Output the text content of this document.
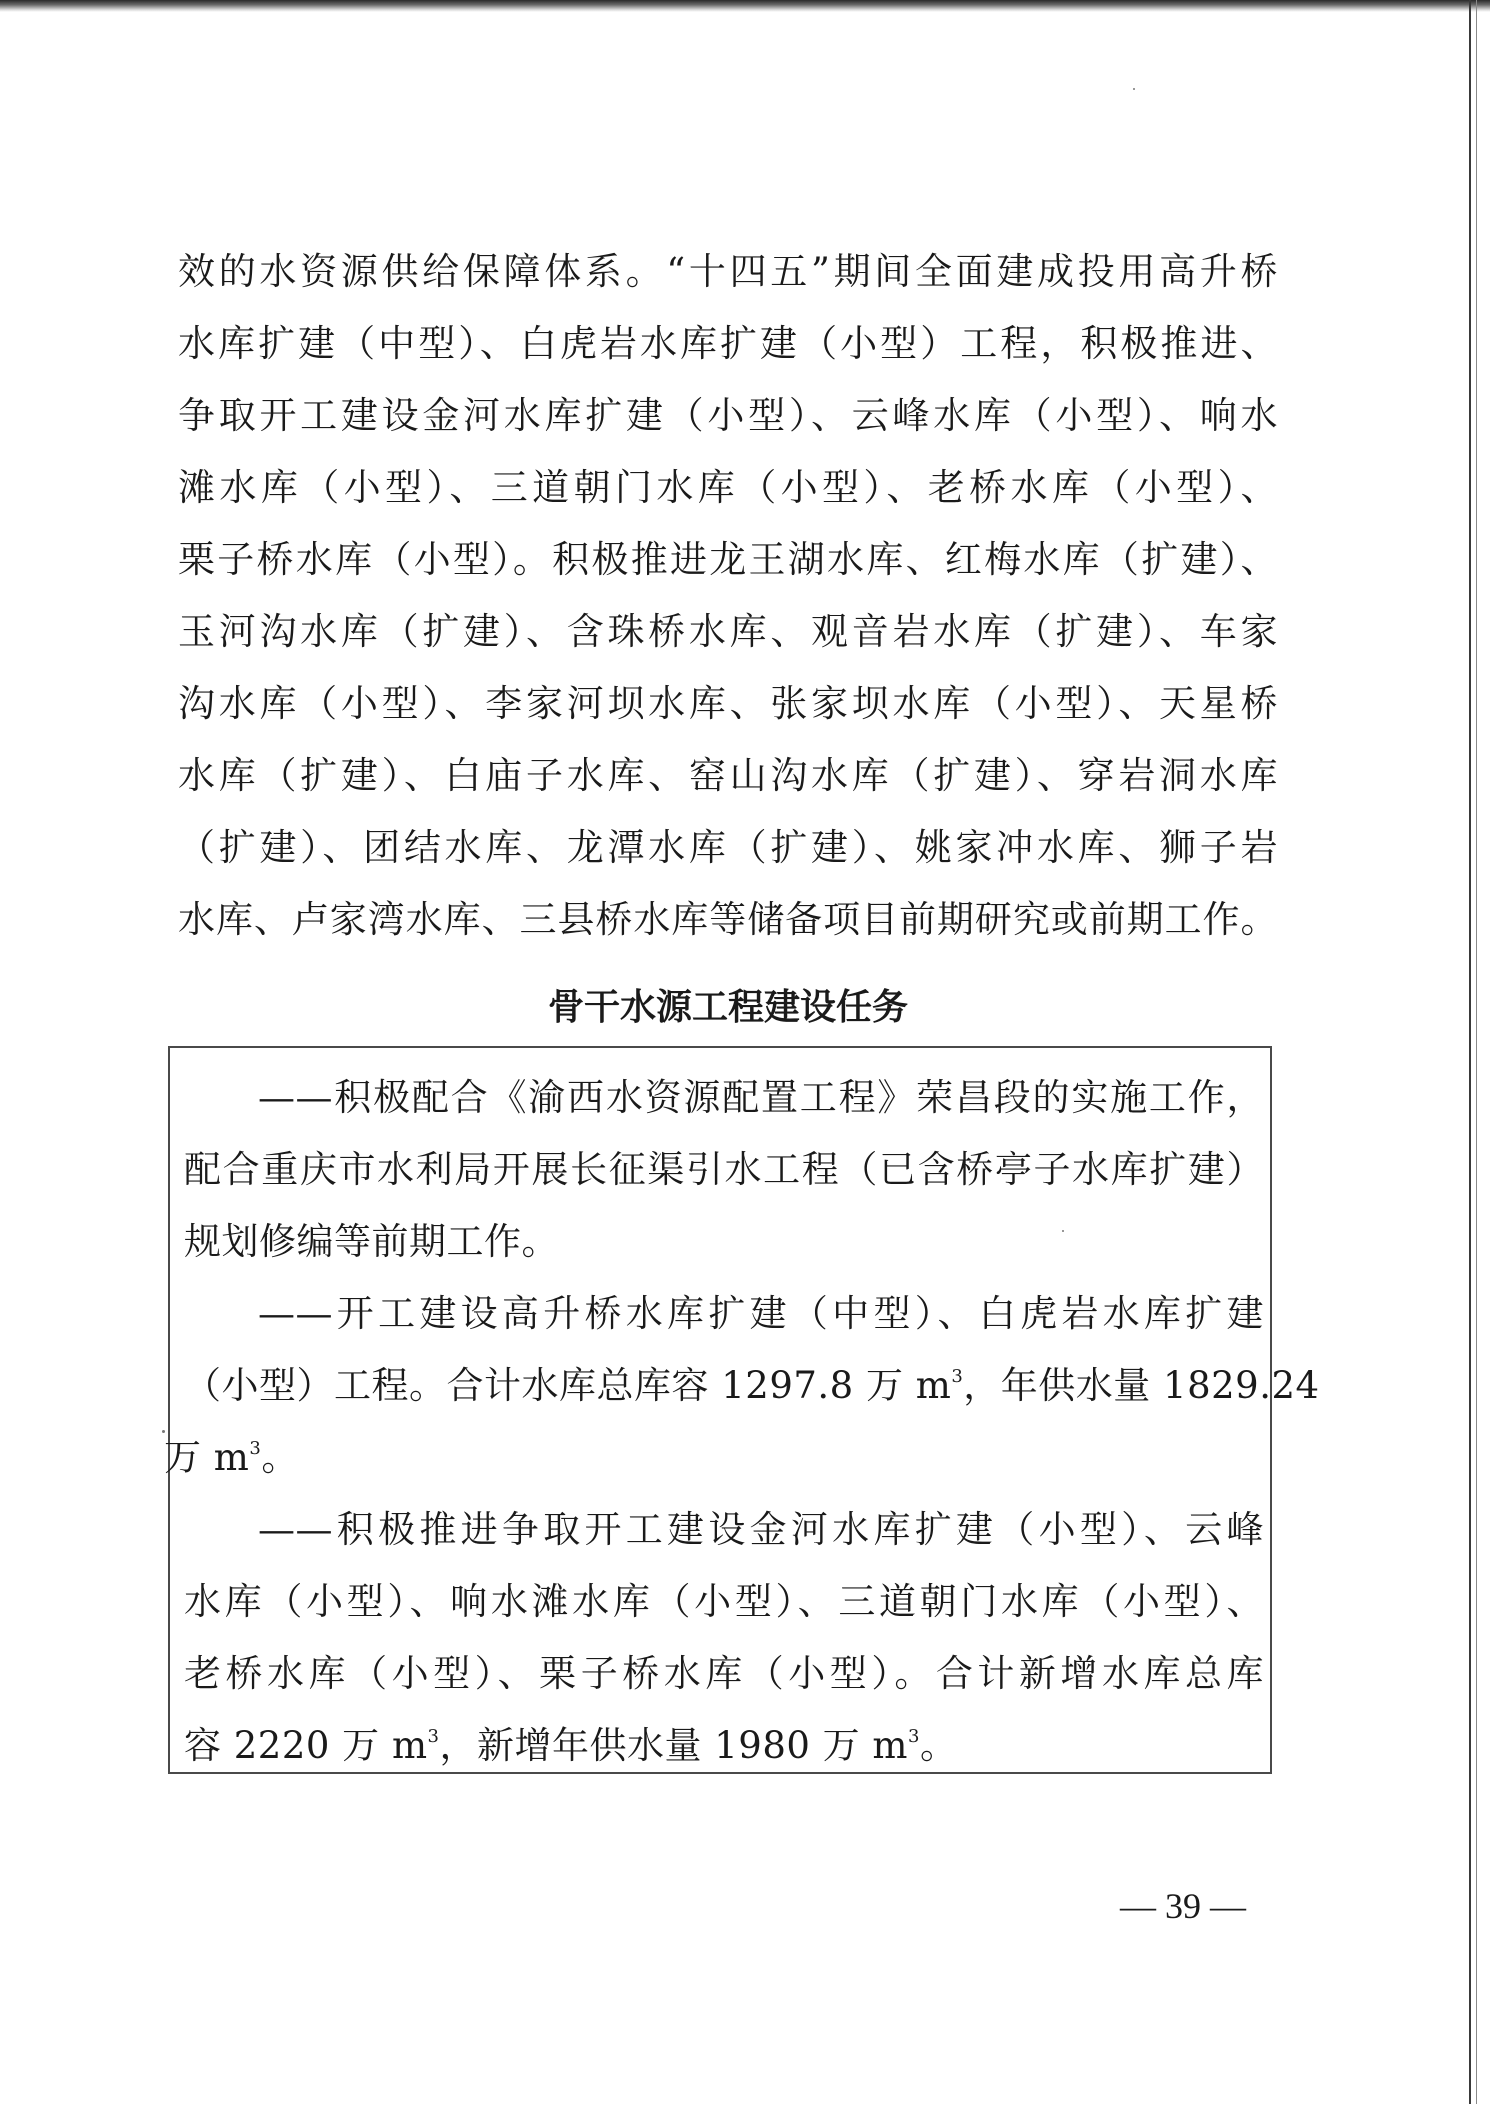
效的水资源供给保障体系。“十四五”期间全面建成投用高升桥
水库扩建（中型）、白虎岩水库扩建（小型）工程，积极推进、
争取开工建设金河水库扩建（小型）、云峰水库（小型）、响水
滩水库（小型）、三道朝门水库（小型）、老桥水库（小型）、
栗子桥水库（小型）。积极推进龙王湖水库、红梅水库（扩建）、
玉河沟水库（扩建）、含珠桥水库、观音岩水库（扩建）、车家
沟水库（小型）、李家河坝水库、张家坝水库（小型）、天星桥
水库（扩建）、白庙子水库、窑山沟水库（扩建）、穿岩洞水库
（扩建）、团结水库、龙潭水库（扩建）、姚家冲水库、狮子岩
水库、卢家湾水库、三县桥水库等储备项目前期研究或前期工作。
骨干水源工程建设任务
——积极配合《渝西水资源配置工程》荣昌段的实施工作，
配合重庆市水利局开展长征渠引水工程（已含桥亭子水库扩建）
规划修编等前期工作。
——开工建设高升桥水库扩建（中型）、白虎岩水库扩建
（小型）工程。合计水库总库容 1297.8 万 $m^3$，年供水量 1829.24
万 $m^3$。
——积极推进争取开工建设金河水库扩建（小型）、云峰
水库（小型）、响水滩水库（小型）、三道朝门水库（小型）、
老桥水库（小型）、栗子桥水库（小型）。合计新增水库总库
容 2220 万 $m^3$，新增年供水量 1980 万 $m^3$。
— 39 —
